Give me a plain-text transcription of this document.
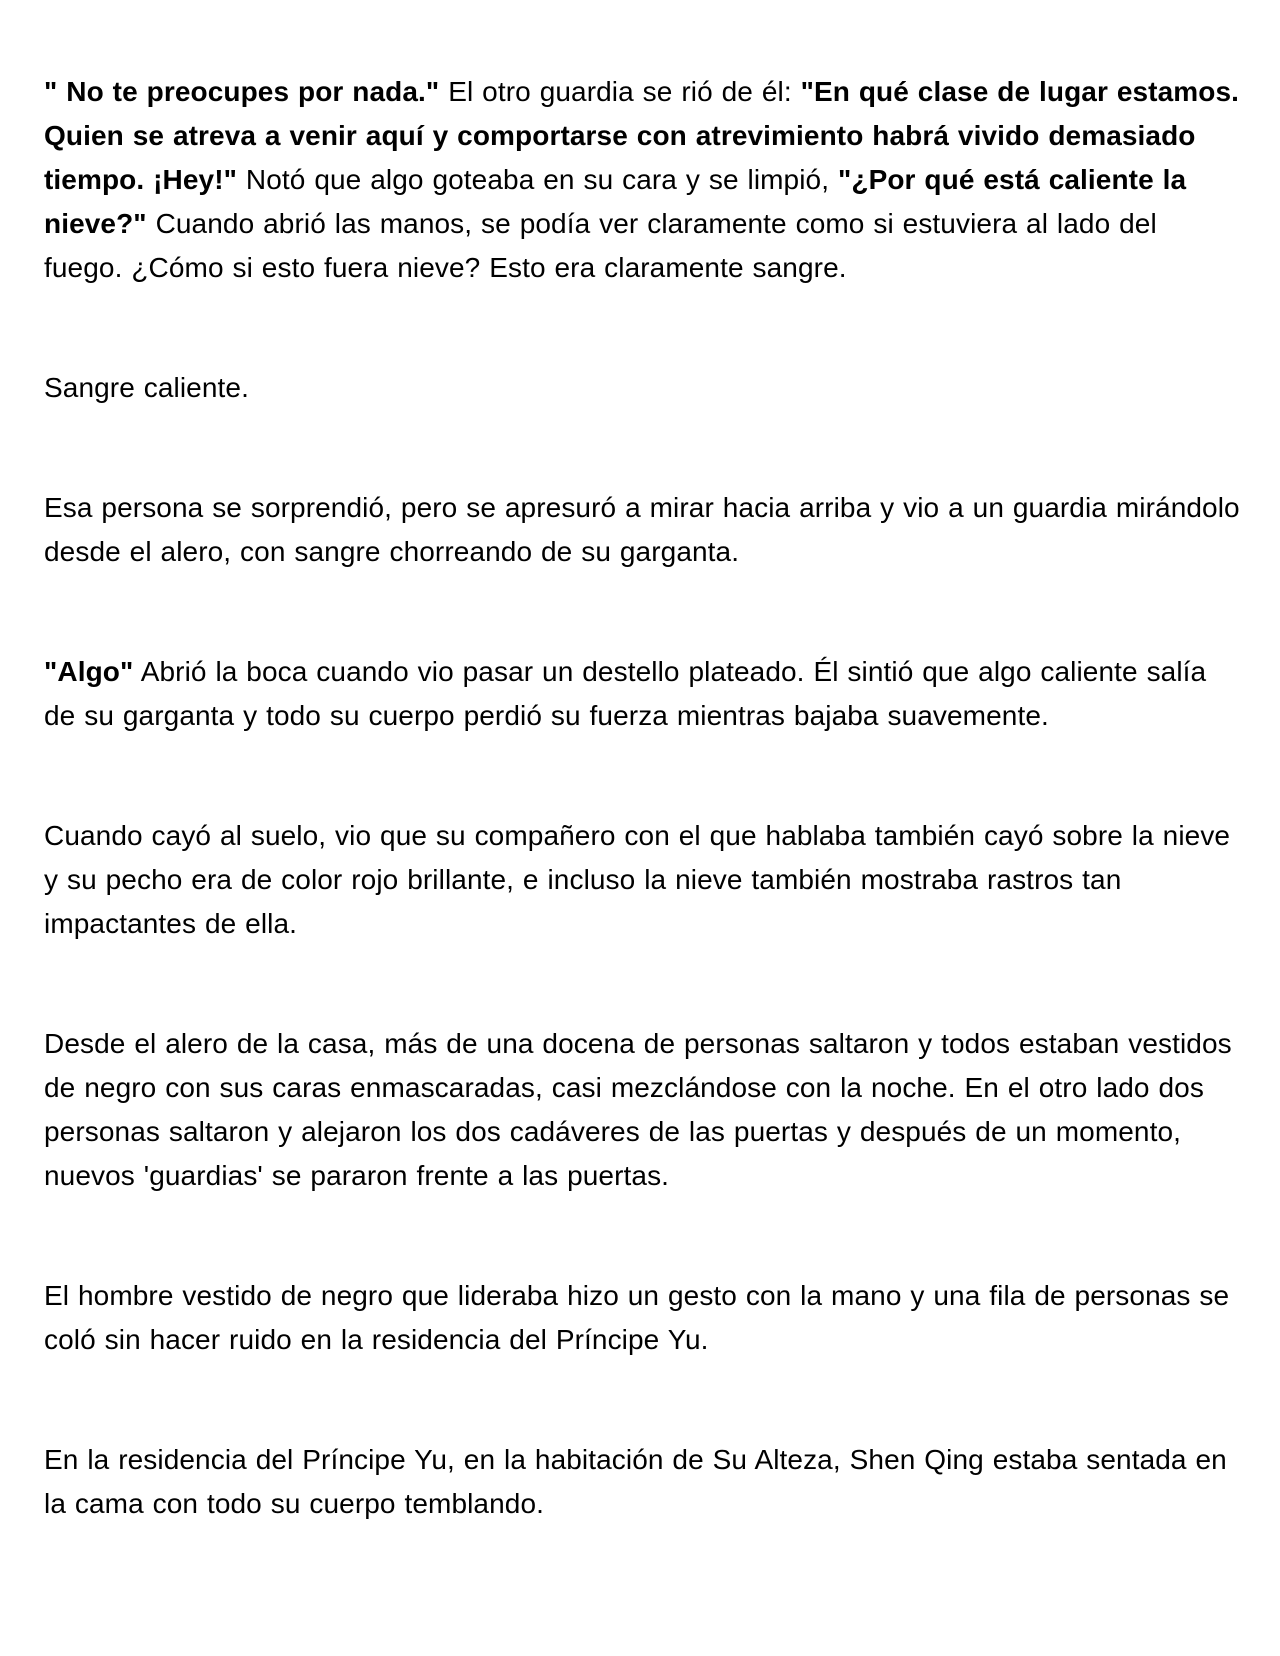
" No te preocupes por nada." El otro guardia se rió de él: "En qué clase de lugar estamos. Quien se atreva a venir aquí y comportarse con atrevimiento habrá vivido demasiado tiempo. ¡Hey!" Notó que algo goteaba en su cara y se limpió, "¿Por qué está caliente la nieve?" Cuando abrió las manos, se podía ver claramente como si estuviera al lado del fuego. ¿Cómo si esto fuera nieve? Esto era claramente sangre.

Sangre caliente.

Esa persona se sorprendió, pero se apresuró a mirar hacia arriba y vio a un guardia mirándolo desde el alero, con sangre chorreando de su garganta.

"Algo" Abrió la boca cuando vio pasar un destello plateado. Él sintió que algo caliente salía de su garganta y todo su cuerpo perdió su fuerza mientras bajaba suavemente.

Cuando cayó al suelo, vio que su compañero con el que hablaba también cayó sobre la nieve y su pecho era de color rojo brillante, e incluso la nieve también mostraba rastros tan impactantes de ella.

Desde el alero de la casa, más de una docena de personas saltaron y todos estaban vestidos de negro con sus caras enmascaradas, casi mezclándose con la noche. En el otro lado dos personas saltaron y alejaron los dos cadáveres de las puertas y después de un momento, nuevos 'guardias' se pararon frente a las puertas.

El hombre vestido de negro que lideraba hizo un gesto con la mano y una fila de personas se coló sin hacer ruido en la residencia del Príncipe Yu.

En la residencia del Príncipe Yu, en la habitación de Su Alteza, Shen Qing estaba sentada en la cama con todo su cuerpo temblando.
